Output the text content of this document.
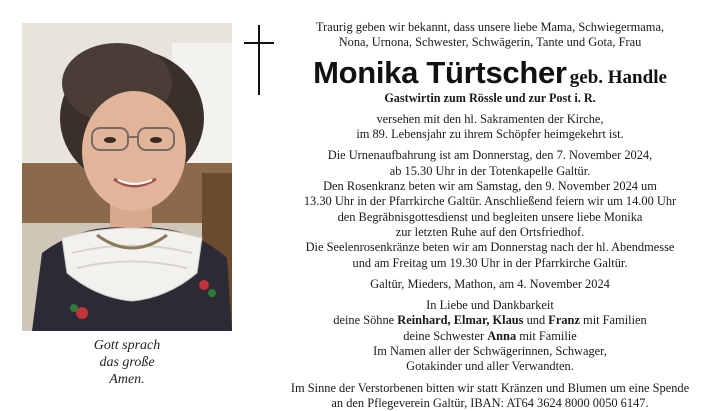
Gott sprach
das große
Amen.
Traurig geben wir bekannt, dass unsere liebe Mama, Schwiegermama,
Nona, Urnona, Schwester, Schwägerin, Tante und Gota, Frau
Monika Türtscher geb. Handle
Gastwirtin zum Rössle und zur Post i. R.
versehen mit den hl. Sakramenten der Kirche,
im 89. Lebensjahr zu ihrem Schöpfer heimgekehrt ist.
Die Urnenaufbahrung ist am Donnerstag, den 7. November 2024,
ab 15.30 Uhr in der Totenkapelle Galtür.
Den Rosenkranz beten wir am Samstag, den 9. November 2024 um
13.30 Uhr in der Pfarrkirche Galtür. Anschließend feiern wir um 14.00 Uhr
den Begräbnisgottesdienst und begleiten unsere liebe Monika
zur letzten Ruhe auf den Ortsfriedhof.
Die Seelenrosenkränze beten wir am Donnerstag nach der hl. Abendmesse
und am Freitag um 19.30 Uhr in der Pfarrkirche Galtür.
Galtür, Mieders, Mathon, am 4. November 2024
In Liebe und Dankbarkeit
deine Söhne Reinhard, Elmar, Klaus und Franz mit Familien
deine Schwester Anna mit Familie
Im Namen aller der Schwägerinnen, Schwager,
Gotakinder und aller Verwandten.
Im Sinne der Verstorbenen bitten wir statt Kränzen und Blumen um eine Spende
an den Pflegeverein Galtür, IBAN: AT64 3624 8000 0050 6147.
